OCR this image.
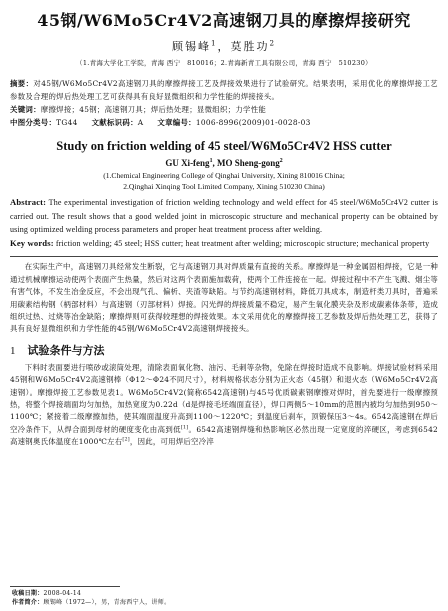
45钢/W6Mo5Cr4V2高速钢刀具的摩擦焊接研究
顾锡峰$^1$，莫胜功$^2$
（1.青海大学化工学院，青海 西宁　810016；2.青海新青工具有限公司，青海 西宁　510230）

摘要：对45钢/W6Mo5Cr4V2高速钢刀具的摩擦焊接工艺及焊接效果进行了试验研究。结果表明，采用优化的摩擦焊接工艺参数及合理的焊后热处理工艺可获得具有良好显微组织和力学性能的焊接接头。

关键词：摩擦焊接；45钢；高速钢刀具；焊后热处理；显微组织；力学性能

中图分类号：TG44 文献标识码：A 文章编号：1006-8996(2009)01-0028-03
Study on friction welding of 45 steel/W6Mo5Cr4V2 HSS cutter
GU Xi-feng$^1$, MO Sheng-gong$^2$
(1.Chemical Engineering College of Qinghai University, Xining 810016 China;
2.Qinghai Xinqing Tool Limited Company, Xining 510230 China)

Abstract: The experimental investigation of friction welding technology and weld effect for 45 steel/W6Mo5Cr4V2 cutter is carried out. The result shows that a good welded joint in microscopic structure and mechanical property can be obtained by using optimized welding process parameters and proper heat treatment process after welding.

Key words: friction welding; 45 steel; HSS cutter; heat treatment after welding; microscopic structure; mechanical property

在实际生产中，高速钢刀具经常发生断裂，它与高速钢刀具对焊质量有直接的关系。摩擦焊是一种金属固相焊接，它是一种通过机械摩擦运动使两个表面产生热量，然后对这两个表面施加载荷，使两个工件连接在一起。焊接过程中不产生飞溅、烟尘等有害气体，不发生冶金反应，不会出现气孔、偏析、夹渣等缺陷。与节约高速钢材料，降低刀具成本，制造杆类刀具时，普遍采用碳素结构钢（柄部材料）与高速钢（刃部材料）焊接。闪光焊的焊接质量不稳定，易产生氧化膜夹杂及形成碳素体条带，造成组织过热、过烧等冶金缺陷；摩擦焊则可获得较理想的焊接效果。本文采用优化的摩擦焊接工艺参数及焊后热处理工艺，获得了具有良好显微组织和力学性能的45钢/W6Mo5Cr4V2高速钢焊接接头。

1 试验条件与方法

下料时表面要进行喷砂或滚筒处理，清除表面氧化物、油污、毛刺等杂物，免除在焊接时造成不良影响。焊接试验材料采用45钢和W6Mo5Cr4V2高速钢棒（Φ12～Φ24不同尺寸），材料规格状态分别为正火态（45钢）和退火态（W6Mo5Cr4V2高速钢）。摩擦焊接工艺参数见表1。W6Mo5Cr4V2(简称6542高速钢)与45号优质碳素钢摩擦对焊时，首先要进行一级摩擦预热，将整个焊接端面均匀加热，加热宽度为0.22d（d是焊接毛坯端面直径），焊口两侧5～10mm的范围内被均匀加热到950～1100℃；紧接着二级摩擦加热，使其端面温度升高到1100～1220℃；到温度后刹车，顶锻保压3～4s。6542高速钢在焊后空冷条件下，从焊合面到母材的硬度变化由高到低[1]。6542高速钢焊缝和热影响区必然出现一定宽度的淬硬区，考虑到6542高速钢奥氏体温度在1000℃左右[2]，因此，可用焊后空冷淬

收稿日期：2008-04-14
作者简介：顾锡峰（1972—），男，青海西宁人，讲师。
